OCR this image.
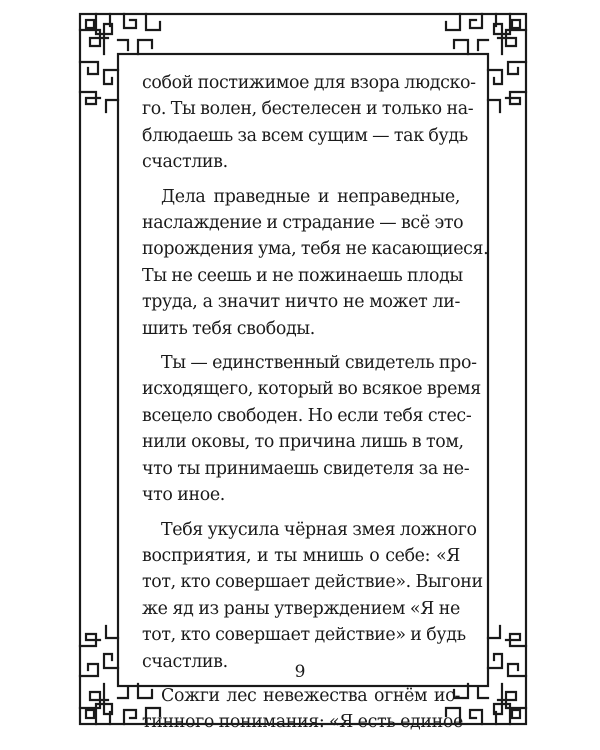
собой постижимое для взора людско-
го. Ты волен, бестелесен и только на-
блюдаешь за всем сущим — так будь
счастлив.
Дела праведные и неправедные,
наслаждение и страдание — всё это
порождения ума, тебя не касающиеся.
Ты не сеешь и не пожинаешь плоды
труда, а значит ничто не может ли-
шить тебя свободы.
Ты — единственный свидетель про-
исходящего, который во всякое время
всецело свободен. Но если тебя стес-
нили оковы, то причина лишь в том,
что ты принимаешь свидетеля за не-
что иное.
Тебя укусила чёрная змея ложного
восприятия, и ты мнишь о себе: «Я
тот, кто совершает действие». Выгони
же яд из раны утверждением «Я не
тот, кто совершает действие» и будь
счастлив.
Сожги лес невежества огнём ис-
тинного понимания: «Я есть единое
9
